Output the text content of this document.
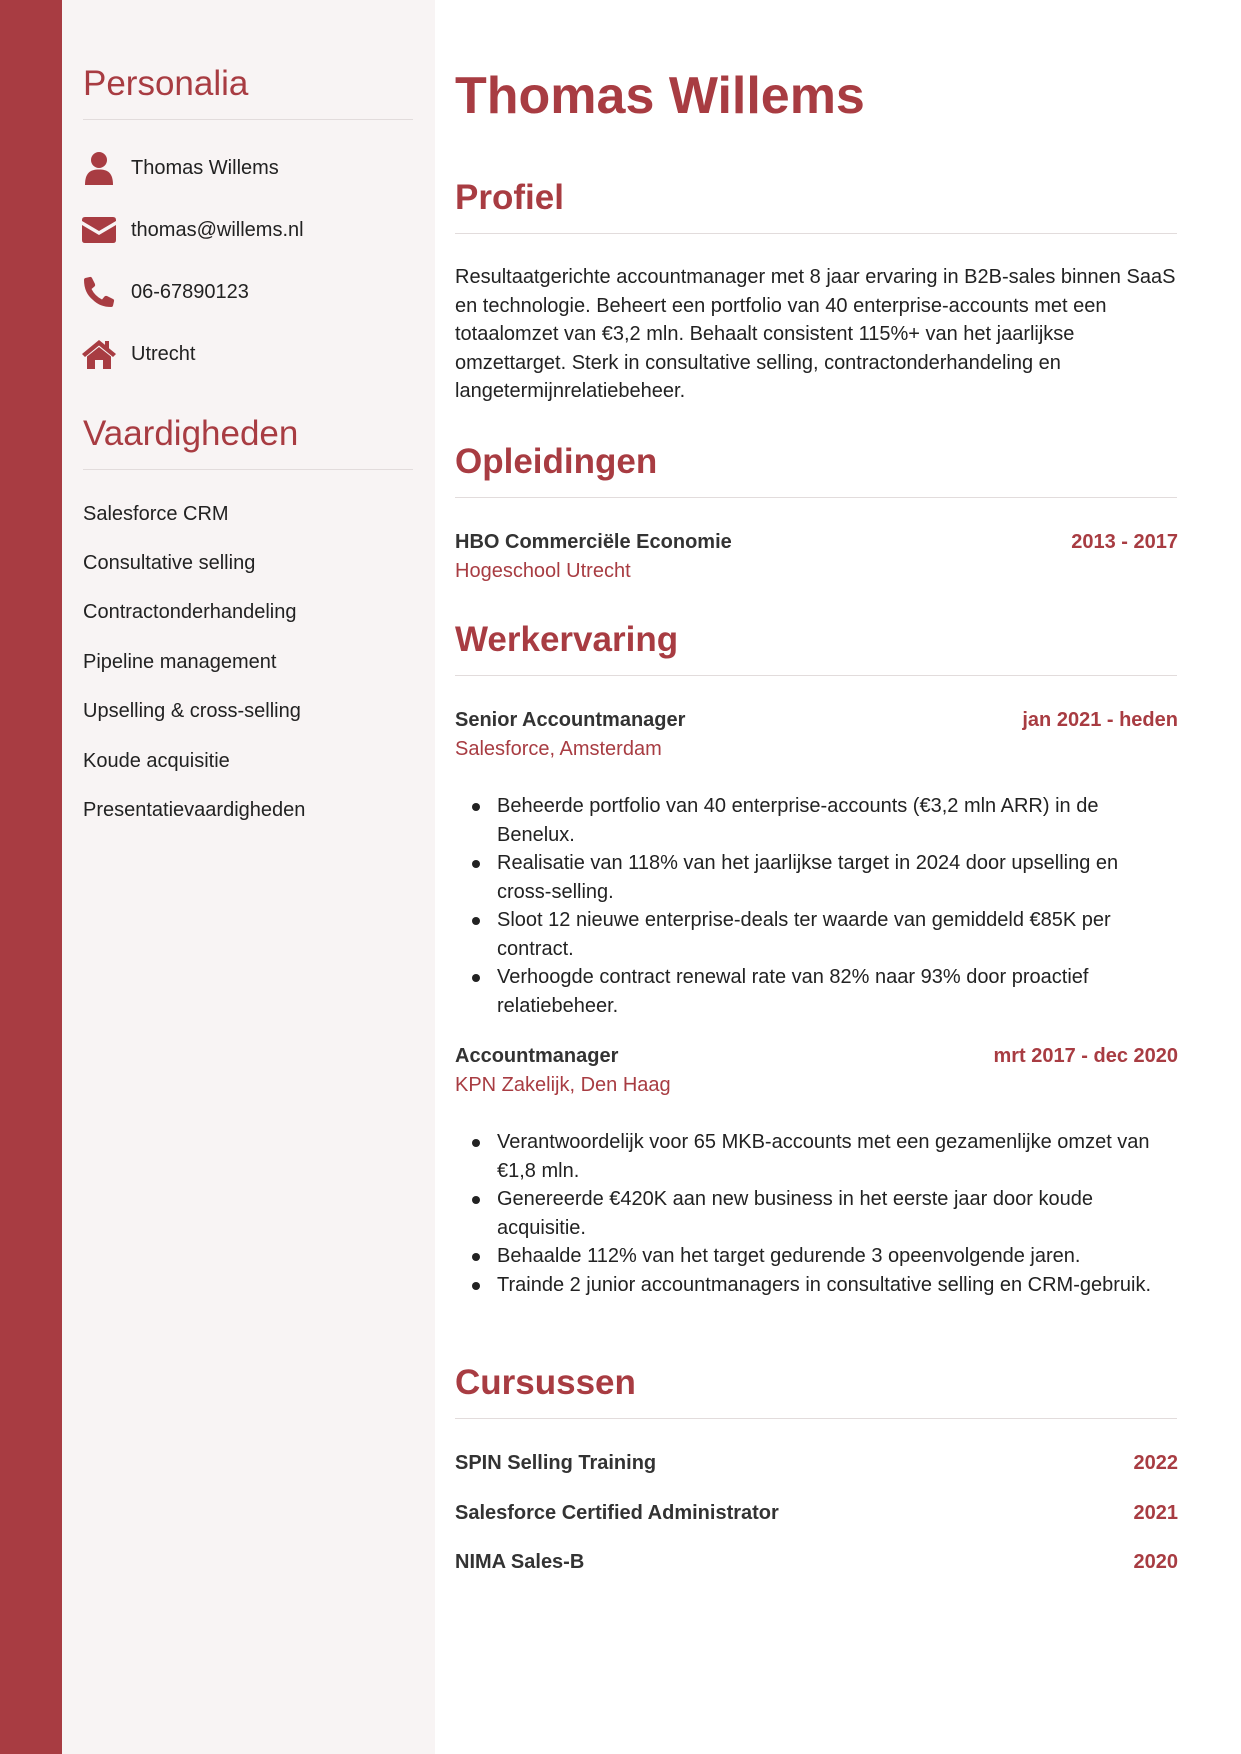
Personalia
Thomas Willems
thomas@willems.nl
06-67890123
Utrecht
Vaardigheden
Salesforce CRM
Consultative selling
Contractonderhandeling
Pipeline management
Upselling & cross-selling
Koude acquisitie
Presentatievaardigheden
Thomas Willems
Profiel

Resultaatgerichte accountmanager met 8 jaar ervaring in B2B-sales binnen SaaS en technologie. Beheert een portfolio van 40 enterprise-accounts met een totaalomzet van €3,2 mln. Behaalt consistent 115%+ van het jaarlijkse omzettarget. Sterk in consultative selling, contractonderhandeling en langetermijnrelatiebeheer.

Opleidingen
HBO Commerciële Economie	2013 - 2017
Hogeschool Utrecht
Werkervaring
Senior Accountmanager	jan 2021 - heden
Salesforce, Amsterdam
Beheerde portfolio van 40 enterprise-accounts (€3,2 mln ARR) in de Benelux.
Realisatie van 118% van het jaarlijkse target in 2024 door upselling en cross-selling.
Sloot 12 nieuwe enterprise-deals ter waarde van gemiddeld €85K per contract.
Verhoogde contract renewal rate van 82% naar 93% door proactief relatiebeheer.
Accountmanager	mrt 2017 - dec 2020
KPN Zakelijk, Den Haag
Verantwoordelijk voor 65 MKB-accounts met een gezamenlijke omzet van €1,8 mln.
Genereerde €420K aan new business in het eerste jaar door koude acquisitie.
Behaalde 112% van het target gedurende 3 opeenvolgende jaren.
Trainde 2 junior accountmanagers in consultative selling en CRM-gebruik.
Cursussen
SPIN Selling Training	2022
Salesforce Certified Administrator	2021
NIMA Sales-B	2020
